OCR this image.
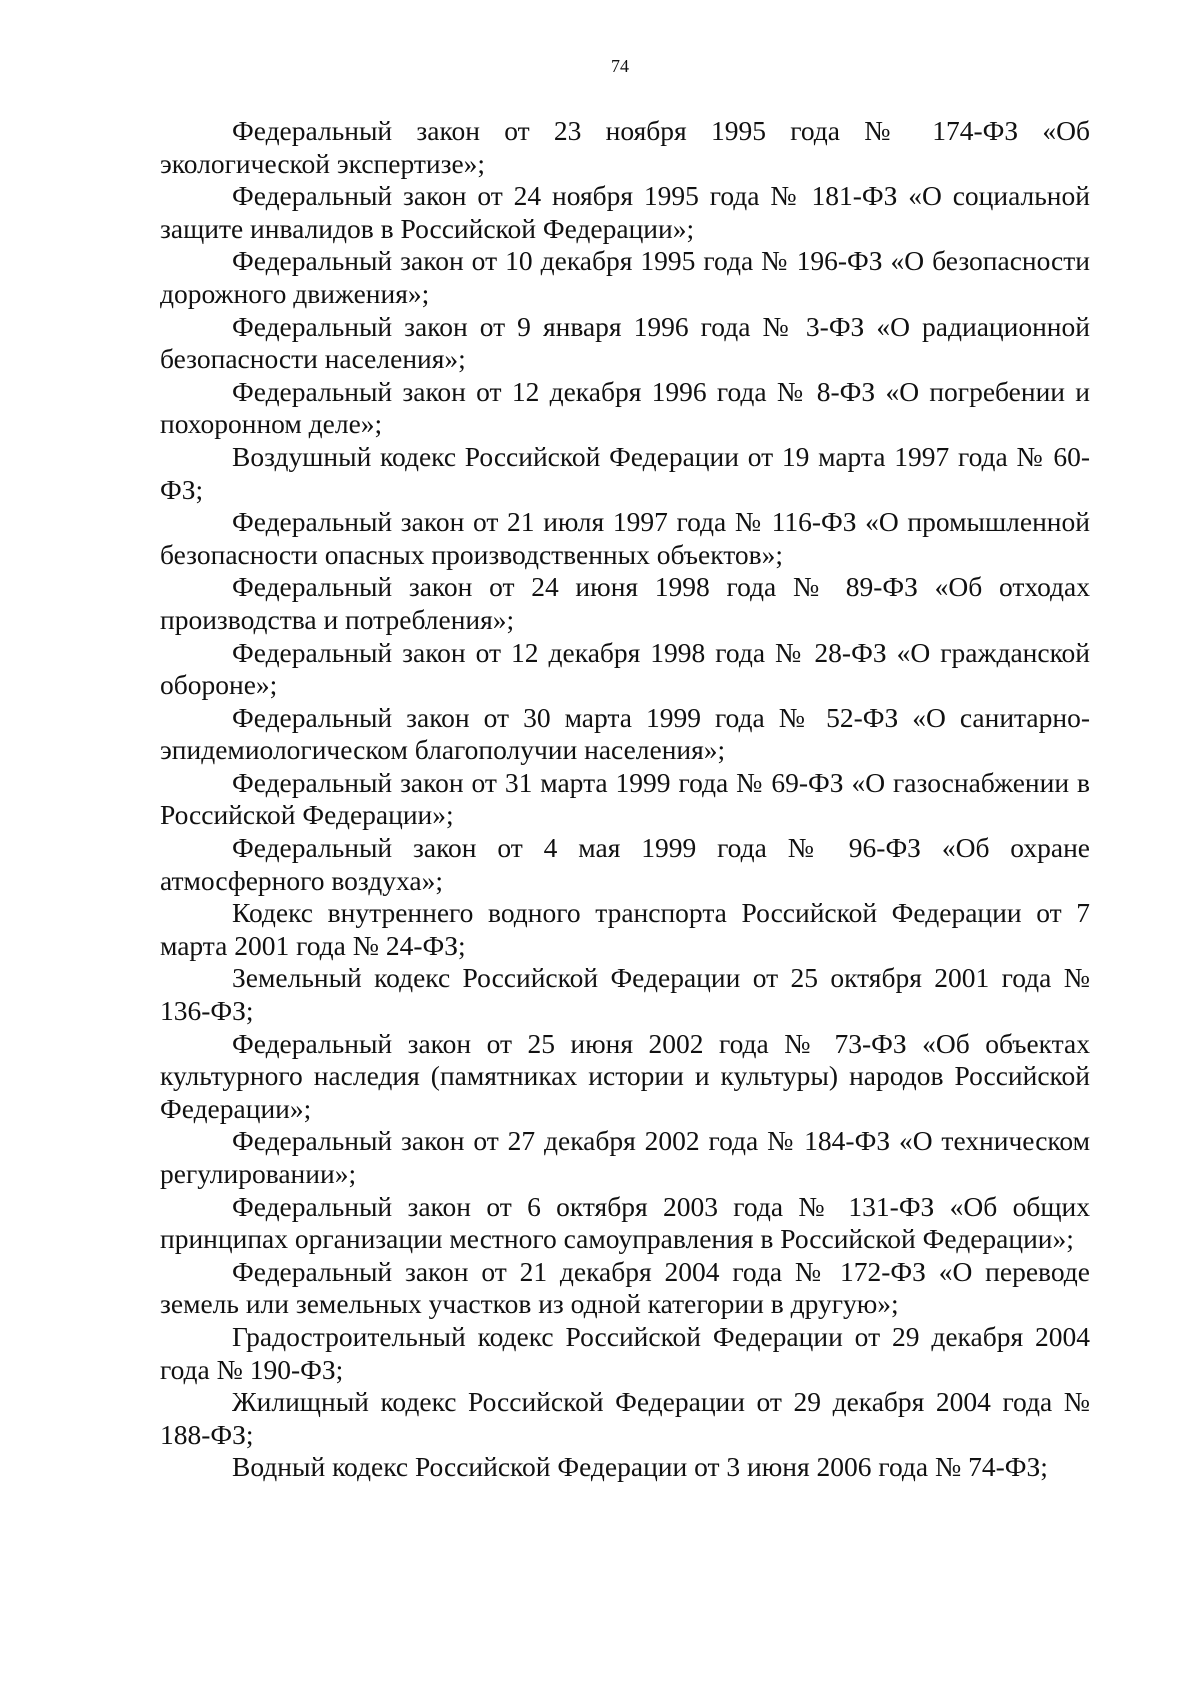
74

Федеральный закон от 23 ноября 1995 года № 174-ФЗ «Об экологической экспертизе»;

Федеральный закон от 24 ноября 1995 года № 181-ФЗ «О социальной защите инвалидов в Российской Федерации»;

Федеральный закон от 10 декабря 1995 года № 196-ФЗ «О безопасности дорожного движения»;

Федеральный закон от 9 января 1996 года № 3-ФЗ «О радиационной безопасности населения»;

Федеральный закон от 12 декабря 1996 года № 8-ФЗ «О погребении и похоронном деле»;

Воздушный кодекс Российской Федерации от 19 марта 1997 года № 60-ФЗ;

Федеральный закон от 21 июля 1997 года № 116-ФЗ «О промышленной безопасности опасных производственных объектов»;

Федеральный закон от 24 июня 1998 года № 89-ФЗ «Об отходах производства и потребления»;

Федеральный закон от 12 декабря 1998 года № 28-ФЗ «О гражданской обороне»;

Федеральный закон от 30 марта 1999 года № 52-ФЗ «О санитарно-эпидемиологическом благополучии населения»;

Федеральный закон от 31 марта 1999 года № 69-ФЗ «О газоснабжении в Российской Федерации»;

Федеральный закон от 4 мая 1999 года № 96-ФЗ «Об охране атмосферного воздуха»;

Кодекс внутреннего водного транспорта Российской Федерации от 7 марта 2001 года № 24-ФЗ;

Земельный кодекс Российской Федерации от 25 октября 2001 года № 136-ФЗ;

Федеральный закон от 25 июня 2002 года № 73-ФЗ «Об объектах культурного наследия (памятниках истории и культуры) народов Российской Федерации»;

Федеральный закон от 27 декабря 2002 года № 184-ФЗ «О техническом регулировании»;

Федеральный закон от 6 октября 2003 года № 131-ФЗ «Об общих принципах организации местного самоуправления в Российской Федерации»;

Федеральный закон от 21 декабря 2004 года № 172-ФЗ «О переводе земель или земельных участков из одной категории в другую»;

Градостроительный кодекс Российской Федерации от 29 декабря 2004 года № 190-ФЗ;

Жилищный кодекс Российской Федерации от 29 декабря 2004 года № 188-ФЗ;

Водный кодекс Российской Федерации от 3 июня 2006 года № 74-ФЗ;
